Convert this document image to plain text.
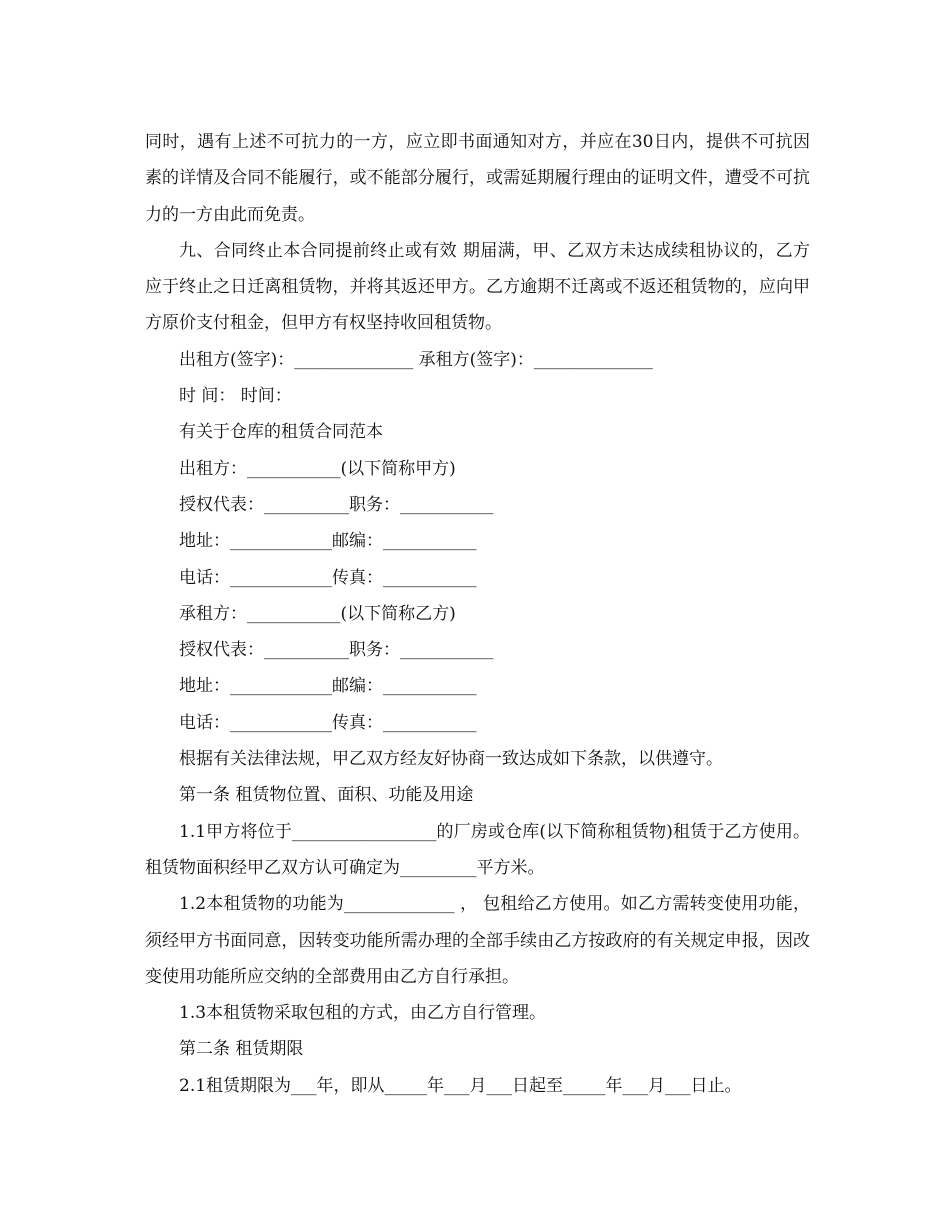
同时，遇有上述不可抗力的一方，应立即书面通知对方，并应在30日内，提供不可抗因素的详情及合同不能履行，或不能部分履行，或需延期履行理由的证明文件，遭受不可抗力的一方由此而免责。

九、合同终止本合同提前终止或有效 期届满，甲、乙双方未达成续租协议的，乙方应于终止之日迁离租赁物，并将其返还甲方。乙方逾期不迁离或不返还租赁物的，应向甲方原价支付租金，但甲方有权坚持收回租赁物。

出租方(签字)：______________ 承租方(签字)：______________

时 间： 时间：

有关于仓库的租赁合同范本

出租方：___________(以下简称甲方)

授权代表：__________职务：___________

地址：____________邮编：___________

电话：____________传真：___________

承租方：___________(以下简称乙方)

授权代表：__________职务：___________

地址：____________邮编：___________

电话：____________传真：___________

根据有关法律法规，甲乙双方经友好协商一致达成如下条款，以供遵守。

第一条 租赁物位置、面积、功能及用途

1.1甲方将位于_________________的厂房或仓库(以下简称租赁物)租赁于乙方使用。租赁物面积经甲乙双方认可确定为_________平方米。

1.2本租赁物的功能为_____________ ， 包租给乙方使用。如乙方需转变使用功能，须经甲方书面同意，因转变功能所需办理的全部手续由乙方按政府的有关规定申报，因改变使用功能所应交纳的全部费用由乙方自行承担。

1.3本租赁物采取包租的方式，由乙方自行管理。

第二条 租赁期限

2.1租赁期限为___年，即从_____年___月___日起至_____年___月___日止。
